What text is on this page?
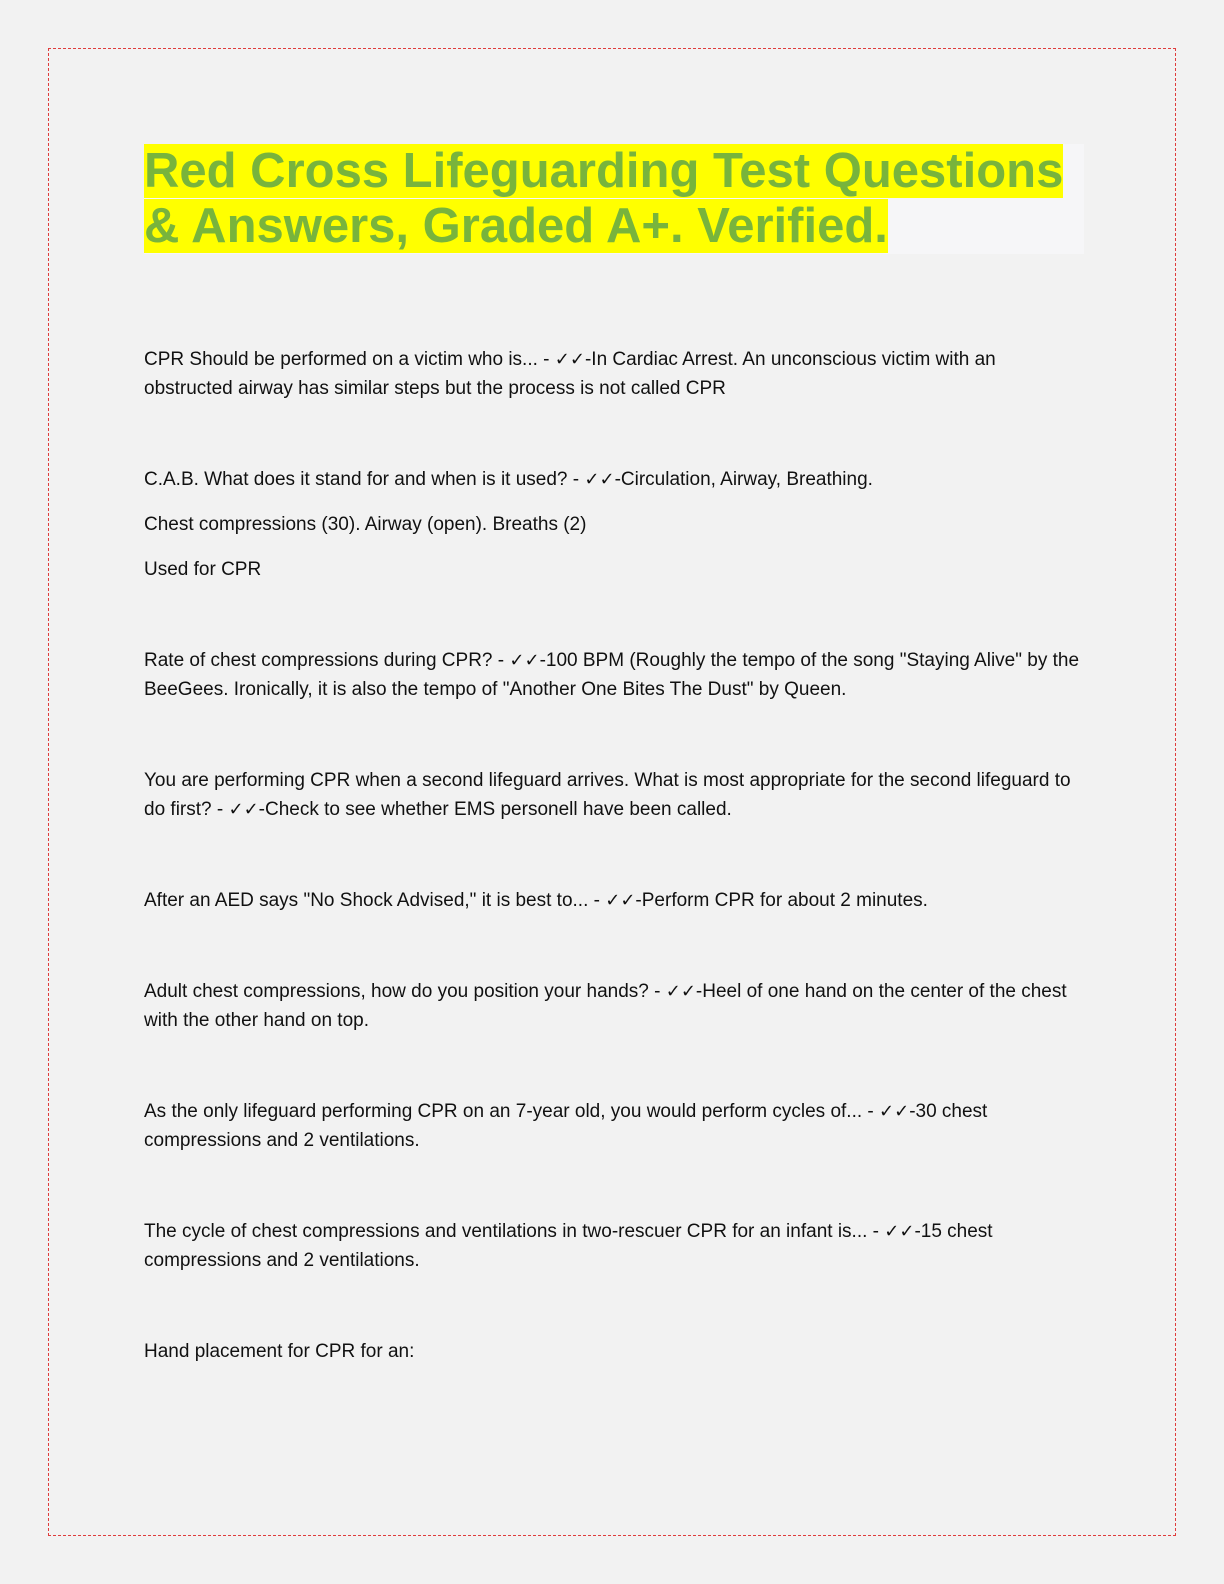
Red Cross Lifeguarding Test Questions & Answers, Graded A+. Verified.

CPR Should be performed on a victim who is... - ✓✓-In Cardiac Arrest. An unconscious victim with an obstructed airway has similar steps but the process is not called CPR

C.A.B. What does it stand for and when is it used? - ✓✓-Circulation, Airway, Breathing.

Chest compressions (30). Airway (open). Breaths (2)

Used for CPR

Rate of chest compressions during CPR? - ✓✓-100 BPM (Roughly the tempo of the song "Staying Alive" by the BeeGees. Ironically, it is also the tempo of "Another One Bites The Dust" by Queen.

You are performing CPR when a second lifeguard arrives. What is most appropriate for the second lifeguard to do first? - ✓✓-Check to see whether EMS personell have been called.

After an AED says "No Shock Advised," it is best to... - ✓✓-Perform CPR for about 2 minutes.

Adult chest compressions, how do you position your hands? - ✓✓-Heel of one hand on the center of the chest with the other hand on top.

As the only lifeguard performing CPR on an 7-year old, you would perform cycles of... - ✓✓-30 chest compressions and 2 ventilations.

The cycle of chest compressions and ventilations in two-rescuer CPR for an infant is... - ✓✓-15 chest compressions and 2 ventilations.

Hand placement for CPR for an:
